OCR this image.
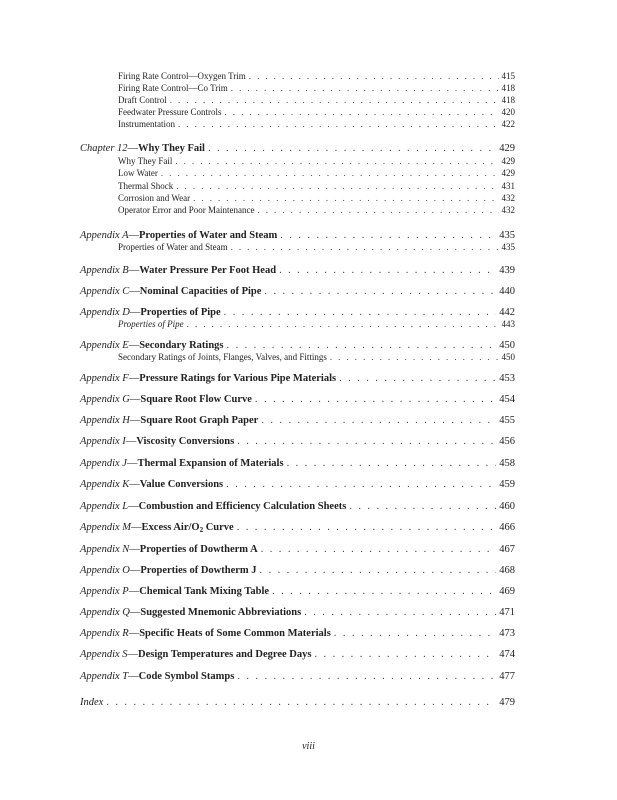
Firing Rate Control—Oxygen Trim . . .	415
Firing Rate Control—Co Trim . . .	418
Draft Control . . .	418
Feedwater Pressure Controls . . .	420
Instrumentation . . .	422
Chapter 12 — Why They Fail . . .	429
Why They Fail . . .	429
Low Water . . .	429
Thermal Shock . . .	431
Corrosion and Wear . . .	432
Operator Error and Poor Maintenance . . .	432
Appendix A — Properties of Water and Steam . . .	435
Properties of Water and Steam . . .	435
Appendix B — Water Pressure Per Foot Head . . .	439
Appendix C — Nominal Capacities of Pipe . . .	440
Appendix D — Properties of Pipe . . .	442
Properties of Pipe . . .	443
Appendix E — Secondary Ratings . . .	450
Secondary Ratings of Joints, Flanges, Valves, and Fittings . . .	450
Appendix F — Pressure Ratings for Various Pipe Materials . . .	453
Appendix G — Square Root Flow Curve . . .	454
Appendix H — Square Root Graph Paper . . .	455
Appendix I — Viscosity Conversions . . .	456
Appendix J — Thermal Expansion of Materials . . .	458
Appendix K — Value Conversions . . .	459
Appendix L — Combustion and Efficiency Calculation Sheets . . .	460
Appendix M — Excess Air/$O_2$ Curve . . .	466
Appendix N — Properties of Dowtherm A . . .	467
Appendix O — Properties of Dowtherm J . . .	468
Appendix P — Chemical Tank Mixing Table . . .	469
Appendix Q — Suggested Mnemonic Abbreviations . . .	471
Appendix R — Specific Heats of Some Common Materials . . .	473
Appendix S — Design Temperatures and Degree Days . . .	474
Appendix T — Code Symbol Stamps . . .	477
Index . . .	479
viii
